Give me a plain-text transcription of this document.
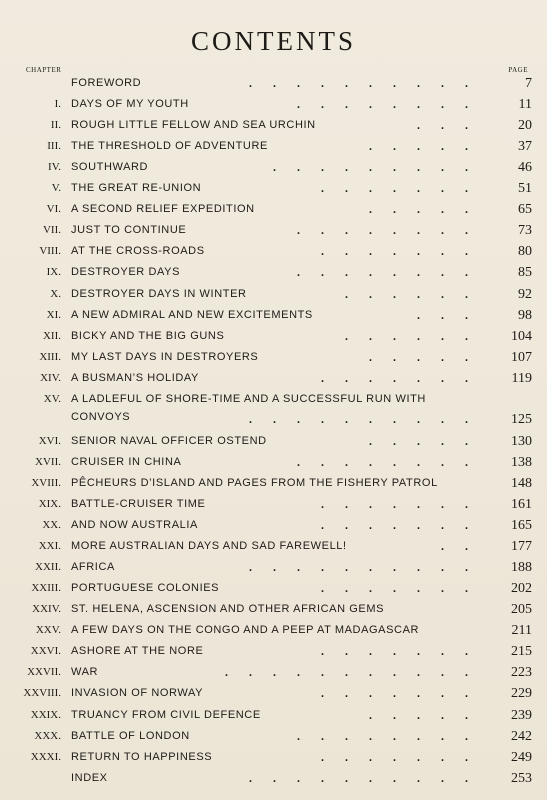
CONTENTS
CHAPTER	PAGE
FOREWORD	..........	7
I. DAYS OF MY YOUTH	........	11
II. ROUGH LITTLE FELLOW AND SEA URCHIN	...	20
III. THE THRESHOLD OF ADVENTURE	.....	37
IV. SOUTHWARD	.........	46
V. THE GREAT RE-UNION	.......	51
VI. A SECOND RELIEF EXPEDITION	.....	65
VII. JUST TO CONTINUE	........	73
VIII. AT THE CROSS-ROADS	.......	80
IX. DESTROYER DAYS	........	85
X. DESTROYER DAYS IN WINTER	......	92
XI. A NEW ADMIRAL AND NEW EXCITEMENTS	...	98
XII. BICKY AND THE BIG GUNS	......	104
XIII. MY LAST DAYS IN DESTROYERS	.....	107
XIV. A BUSMAN’S HOLIDAY	.......	119
XV. A LADLEFUL OF SHORE-TIME AND A SUCCESSFUL RUN WITH
CONVOYS	..........	125
XVI. SENIOR NAVAL OFFICER OSTEND	.....	130
XVII. CRUISER IN CHINA	........	138
XVIII. PÊCHEURS D’ISLAND AND PAGES FROM THE FISHERY PATROL	148
XIX. BATTLE-CRUISER TIME	.......	161
XX. AND NOW AUSTRALIA	.......	165
XXI. MORE AUSTRALIAN DAYS AND SAD FAREWELL!	..	177
XXII. AFRICA	..........	188
XXIII. PORTUGUESE COLONIES	.......	202
XXIV. ST. HELENA, ASCENSION AND OTHER AFRICAN GEMS	205
XXV. A FEW DAYS ON THE CONGO AND A PEEP AT MADAGASCAR	211
XXVI. ASHORE AT THE NORE	.......	215
XXVII. WAR	...........	223
XXVIII. INVASION OF NORWAY	.......	229
XXIX. TRUANCY FROM CIVIL DEFENCE	.....	239
XXX. BATTLE OF LONDON	........	242
XXXI. RETURN TO HAPPINESS	.......	249
INDEX	..........	253
